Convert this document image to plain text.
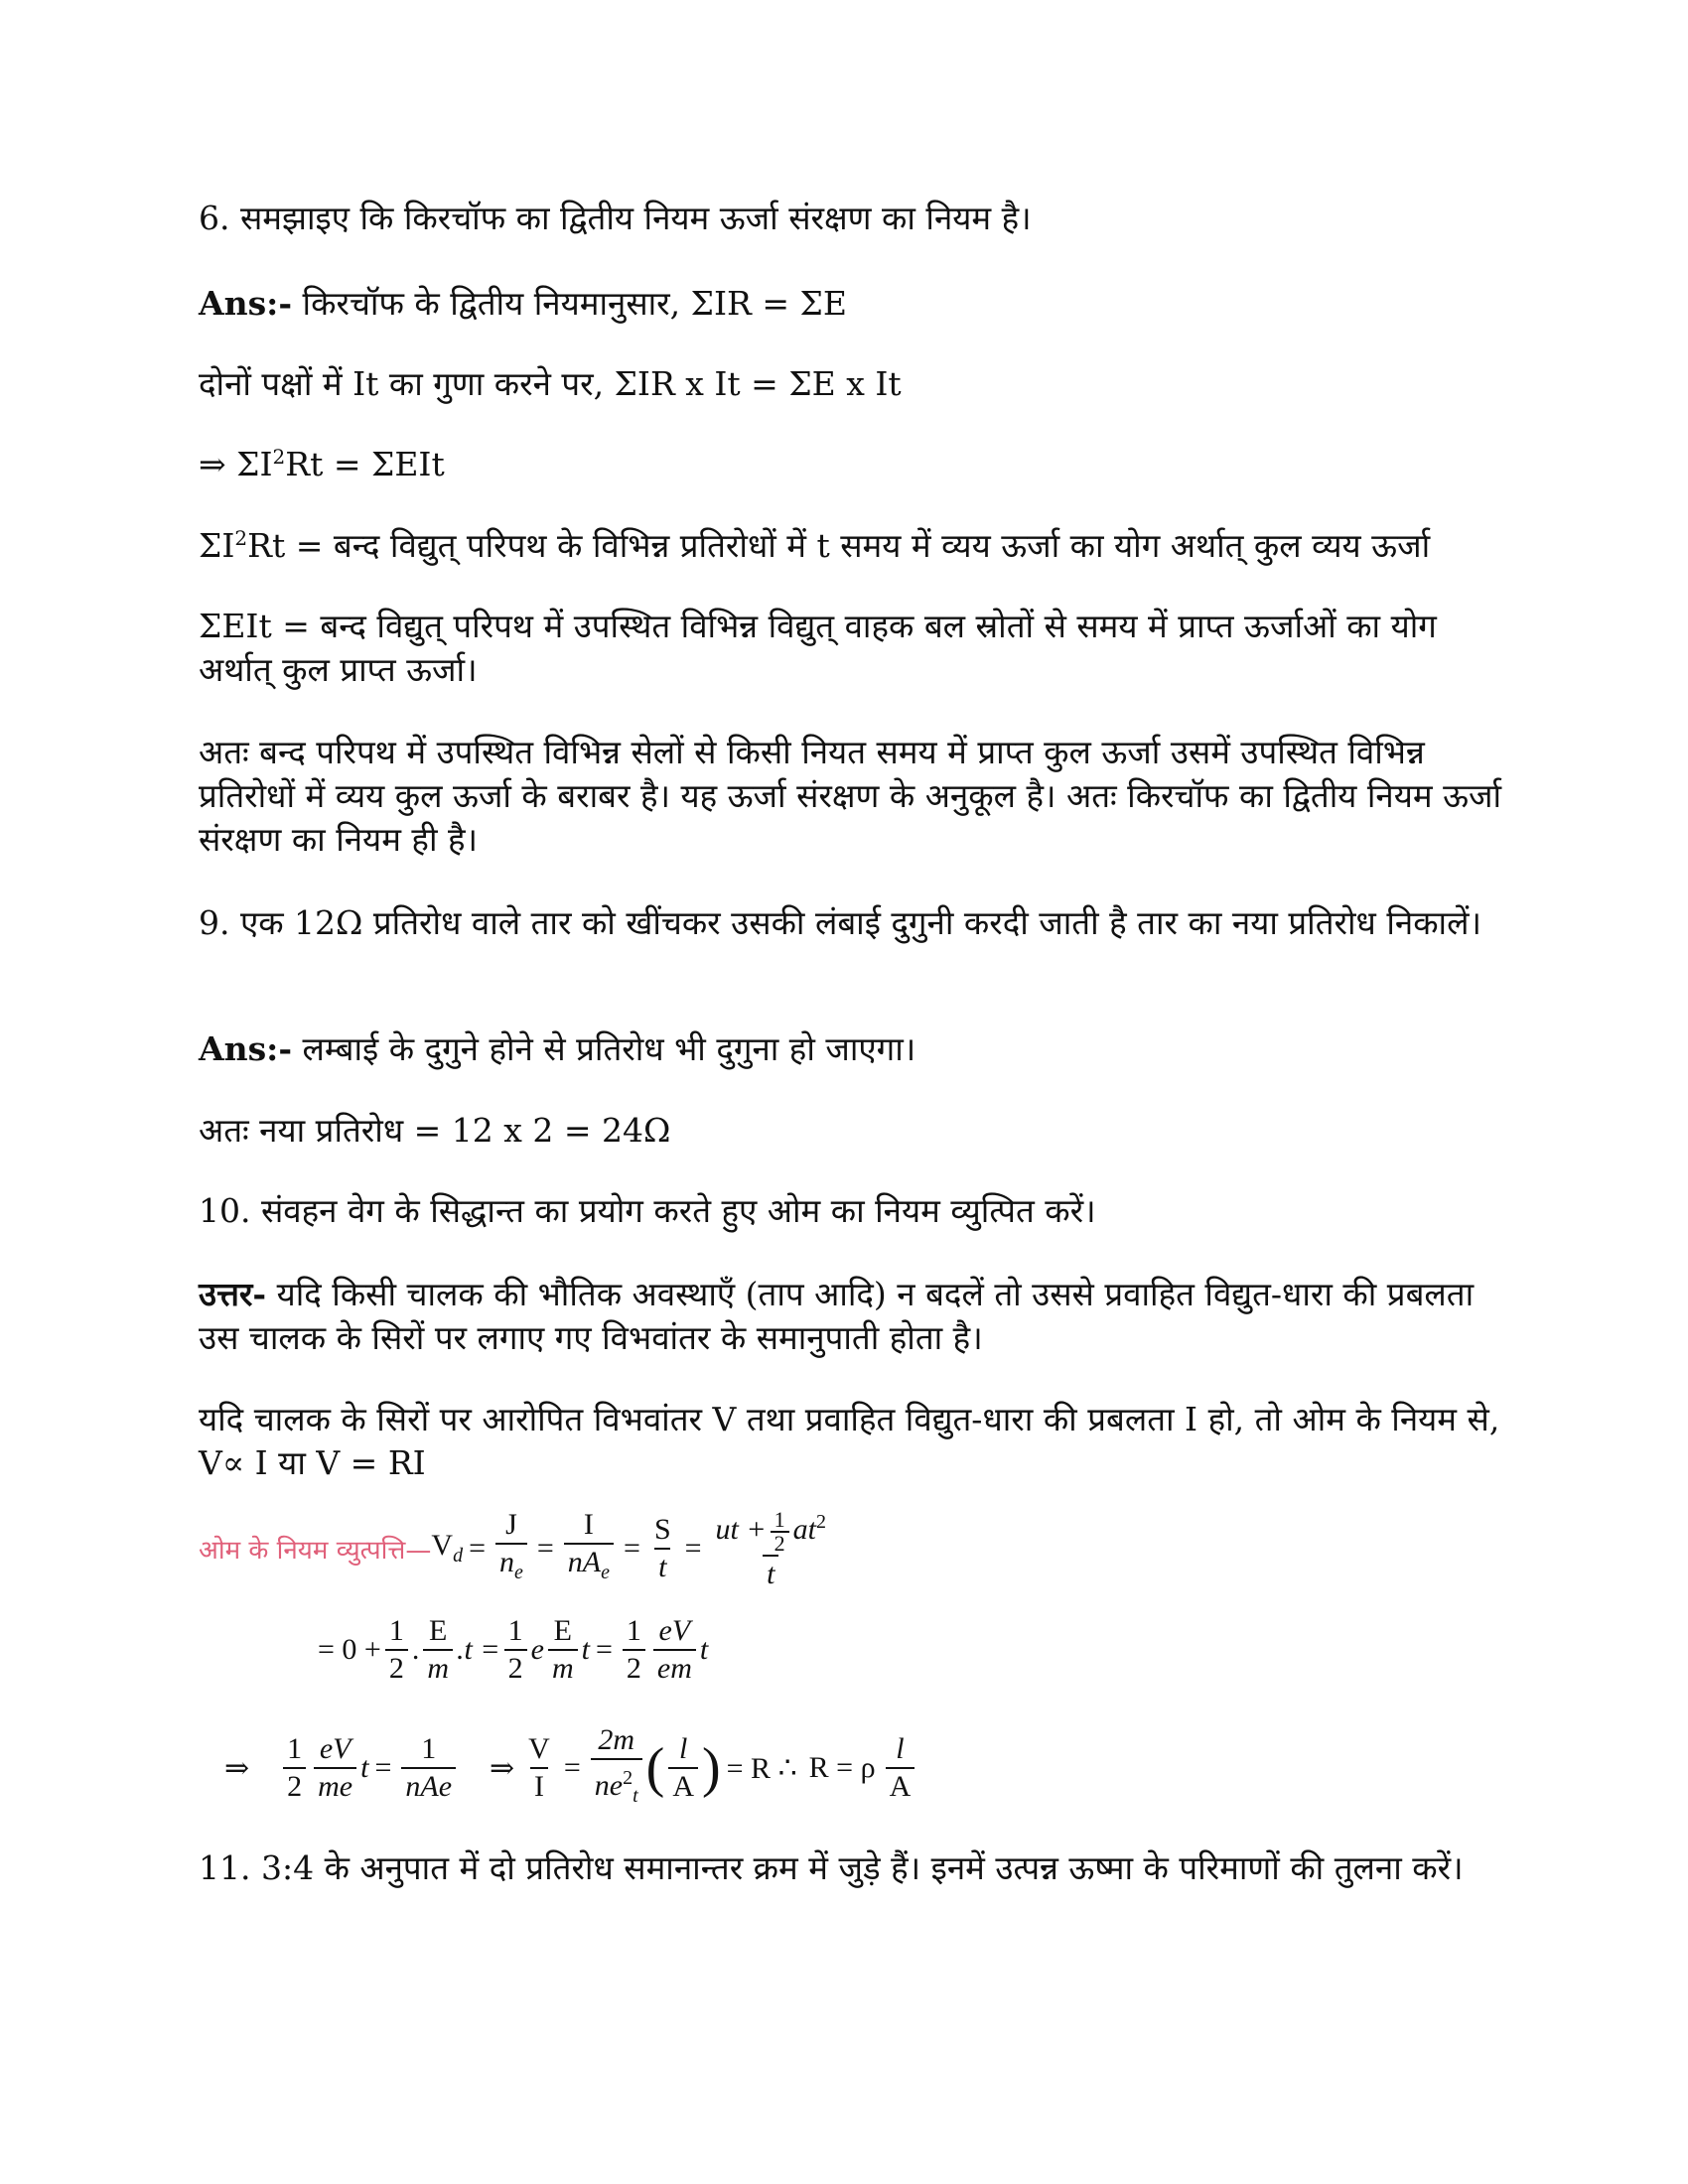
6. समझाइए कि किरचॉफ का द्वितीय नियम ऊर्जा संरक्षण का नियम है।

Ans:- किरचॉफ के द्वितीय नियमानुसार, ΣIR = ΣE

दोनों पक्षों में It का गुणा करने पर, ΣIR x It = ΣE x It

⇒ $\Sigma I^2Rt = \Sigma EIt$

$\Sigma I^2Rt$ = बन्द विद्युत् परिपथ के विभिन्न प्रतिरोधों में t समय में व्यय ऊर्जा का योग अर्थात् कुल व्यय ऊर्जा

ΣEIt = बन्द विद्युत् परिपथ में उपस्थित विभिन्न विद्युत् वाहक बल स्रोतों से समय में प्राप्त ऊर्जाओं का योग अर्थात् कुल प्राप्त ऊर्जा।

अतः बन्द परिपथ में उपस्थित विभिन्न सेलों से किसी नियत समय में प्राप्त कुल ऊर्जा उसमें उपस्थित विभिन्न प्रतिरोधों में व्यय कुल ऊर्जा के बराबर है। यह ऊर्जा संरक्षण के अनुकूल है। अतः किरचॉफ का द्वितीय नियम ऊर्जा संरक्षण का नियम ही है।

9. एक 12Ω प्रतिरोध वाले तार को खींचकर उसकी लंबाई दुगुनी करदी जाती है तार का नया प्रतिरोध निकालें।

Ans:- लम्बाई के दुगुने होने से प्रतिरोध भी दुगुना हो जाएगा।

अतः नया प्रतिरोध = 12 x 2 = 24Ω

10. संवहन वेग के सिद्धान्त का प्रयोग करते हुए ओम का नियम व्युत्पित करें।

उत्तर- यदि किसी चालक की भौतिक अवस्थाएँ (ताप आदि) न बदलें तो उससे प्रवाहित विद्युत-धारा की प्रबलता उस चालक के सिरों पर लगाए गए विभवांतर के समानुपाती होता है।

यदि चालक के सिरों पर आरोपित विभवांतर V तथा प्रवाहित विद्युत-धारा की प्रबलता I हो, तो ओम के नियम से, V∝ I या V = RI

ओम के नियम व्युत्पत्ति— $V_d = \frac{J}{n_e} = \frac{I}{nA_e} = \frac{S}{t} = \frac{ut + \frac{1}{2} at^2}{t}$
= $0 + \frac{1}{2}$ . $\frac{E}{m} .t = \frac{1}{2}$ e $\frac{E}{m}$ $t = \frac{1}{2} \frac{eV}{em}$ t
⇒ $\frac{1}{2} \frac{eV}{me}$ $t = \frac{1}{\text{nAe}}$ ⇒ $\frac{V}{I} = \frac{2m}{ne^2_t}$ ( $\frac{l}{A}$ ) = R ∴ R = ρ $\frac{l}{A}$

11. 3:4 के अनुपात में दो प्रतिरोध समानान्तर क्रम में जुड़े हैं। इनमें उत्पन्न ऊष्मा के परिमाणों की तुलना करें।
